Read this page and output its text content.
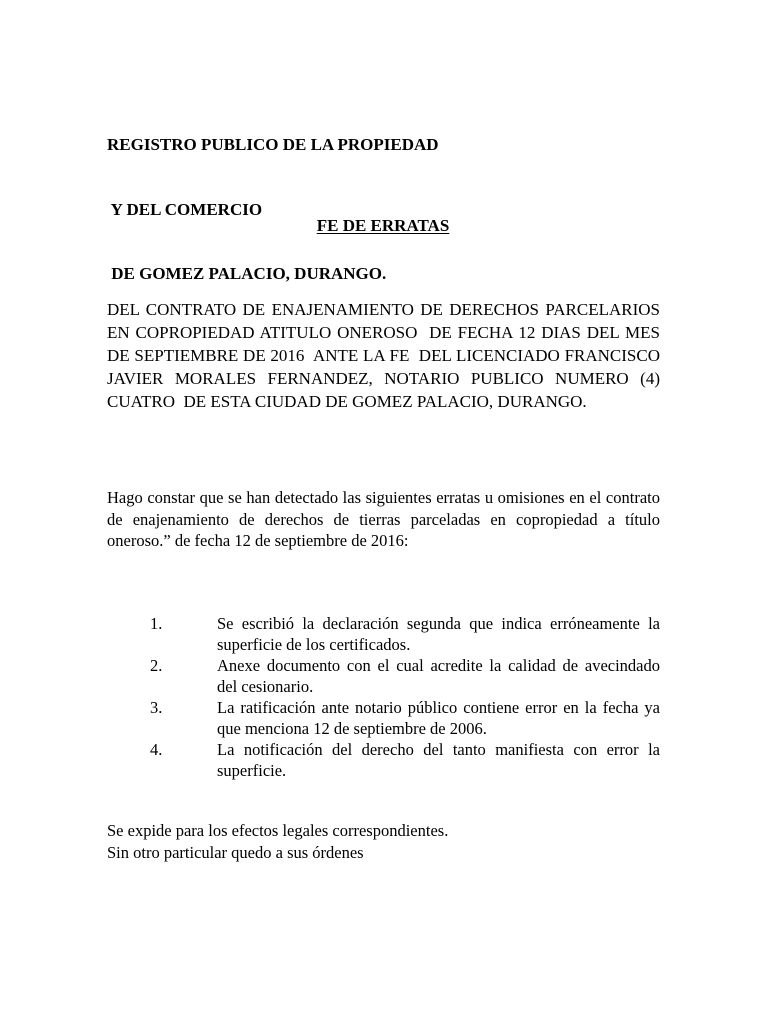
REGISTRO PUBLICO DE LA PROPIEDAD

Y DEL COMERCIO

DE GOMEZ PALACIO, DURANGO.

FE DE ERRATAS
DEL CONTRATO DE ENAJENAMIENTO DE DERECHOS PARCELARIOS EN COPROPIEDAD ATITULO ONEROSO  DE FECHA 12 DIAS DEL MES DE SEPTIEMBRE DE 2016  ANTE LA FE  DEL LICENCIADO FRANCISCO JAVIER MORALES FERNANDEZ, NOTARIO PUBLICO NUMERO (4) CUATRO  DE ESTA CIUDAD DE GOMEZ PALACIO, DURANGO.
Hago constar que se han detectado las siguientes erratas u omisiones en el contrato de enajenamiento de derechos de tierras parceladas en copropiedad a título oneroso.” de fecha 12 de septiembre de 2016:
1.	Se escribió la declaración segunda que indica erróneamente la superficie de los certificados.
2.	Anexe documento con el cual acredite la calidad de avecindado del cesionario.
3.	La ratificación ante notario público contiene error en la fecha ya que menciona 12 de septiembre de 2006.
4.	La notificación del derecho del tanto manifiesta con error la superficie.
Se expide para los efectos legales correspondientes.
Sin otro particular quedo a sus órdenes
